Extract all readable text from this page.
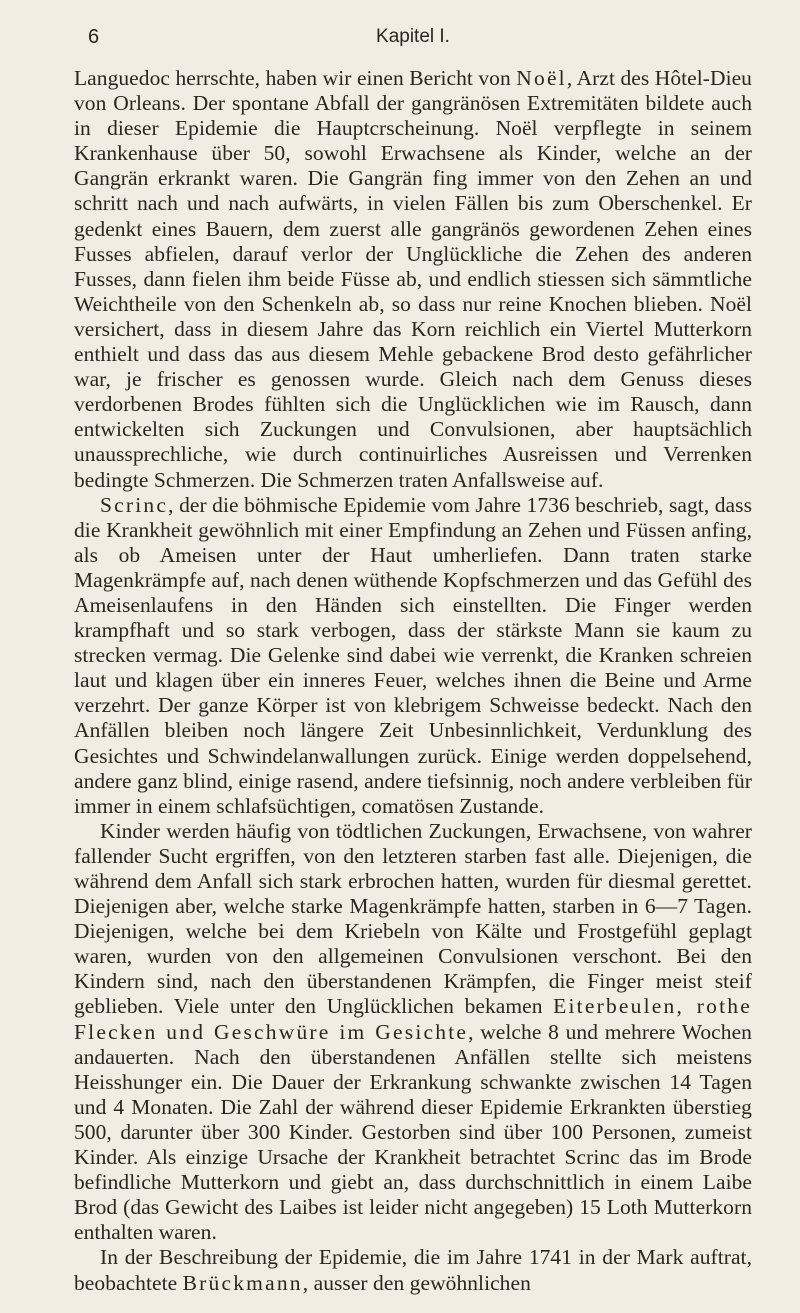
6	Kapitel I.

Languedoc herrschte, haben wir einen Bericht von Noël, Arzt des Hôtel-Dieu von Orleans. Der spontane Abfall der gangränösen Extremitäten bildete auch in dieser Epidemie die Hauptcrscheinung. Noël verpflegte in seinem Krankenhause über 50, sowohl Erwachsene als Kinder, welche an der Gangrän erkrankt waren. Die Gangrän fing immer von den Zehen an und schritt nach und nach aufwärts, in vielen Fällen bis zum Oberschenkel. Er gedenkt eines Bauern, dem zuerst alle gangränös gewordenen Zehen eines Fusses abfielen, darauf verlor der Unglückliche die Zehen des anderen Fusses, dann fielen ihm beide Füsse ab, und endlich stiessen sich sämmtliche Weichtheile von den Schenkeln ab, so dass nur reine Knochen blieben. Noël versichert, dass in diesem Jahre das Korn reichlich ein Viertel Mutterkorn enthielt und dass das aus diesem Mehle gebackene Brod desto gefährlicher war, je frischer es genossen wurde. Gleich nach dem Genuss dieses verdorbenen Brodes fühlten sich die Unglücklichen wie im Rausch, dann entwickelten sich Zuckungen und Convulsionen, aber hauptsächlich unaussprechliche, wie durch continuirliches Ausreissen und Verrenken bedingte Schmerzen. Die Schmerzen traten Anfallsweise auf.

Scrinc, der die böhmische Epidemie vom Jahre 1736 beschrieb, sagt, dass die Krankheit gewöhnlich mit einer Empfindung an Zehen und Füssen anfing, als ob Ameisen unter der Haut umherliefen. Dann traten starke Magenkrämpfe auf, nach denen wüthende Kopfschmerzen und das Gefühl des Ameisenlaufens in den Händen sich einstellten. Die Finger werden krampfhaft und so stark verbogen, dass der stärkste Mann sie kaum zu strecken vermag. Die Gelenke sind dabei wie verrenkt, die Kranken schreien laut und klagen über ein inneres Feuer, welches ihnen die Beine und Arme verzehrt. Der ganze Körper ist von klebrigem Schweisse bedeckt. Nach den Anfällen bleiben noch längere Zeit Unbesinnlichkeit, Verdunklung des Gesichtes und Schwindelanwallungen zurück. Einige werden doppelsehend, andere ganz blind, einige rasend, andere tiefsinnig, noch andere verbleiben für immer in einem schlafsüchtigen, comatösen Zustande.

Kinder werden häufig von tödtlichen Zuckungen, Erwachsene, von wahrer fallender Sucht ergriffen, von den letzteren starben fast alle. Diejenigen, die während dem Anfall sich stark erbrochen hatten, wurden für diesmal gerettet. Diejenigen aber, welche starke Magenkrämpfe hatten, starben in 6—7 Tagen. Diejenigen, welche bei dem Kriebeln von Kälte und Frostgefühl geplagt waren, wurden von den allgemeinen Convulsionen verschont. Bei den Kindern sind, nach den überstandenen Krämpfen, die Finger meist steif geblieben. Viele unter den Unglücklichen bekamen Eiterbeulen, rothe Flecken und Geschwüre im Gesichte, welche 8 und mehrere Wochen andauerten. Nach den überstandenen Anfällen stellte sich meistens Heisshunger ein. Die Dauer der Erkrankung schwankte zwischen 14 Tagen und 4 Monaten. Die Zahl der während dieser Epidemie Erkrankten überstieg 500, darunter über 300 Kinder. Gestorben sind über 100 Personen, zumeist Kinder. Als einzige Ursache der Krankheit betrachtet Scrinc das im Brode befindliche Mutterkorn und giebt an, dass durchschnittlich in einem Laibe Brod (das Gewicht des Laibes ist leider nicht angegeben) 15 Loth Mutterkorn enthalten waren.

In der Beschreibung der Epidemie, die im Jahre 1741 in der Mark auftrat, beobachtete Brückmann, ausser den gewöhnlichen
